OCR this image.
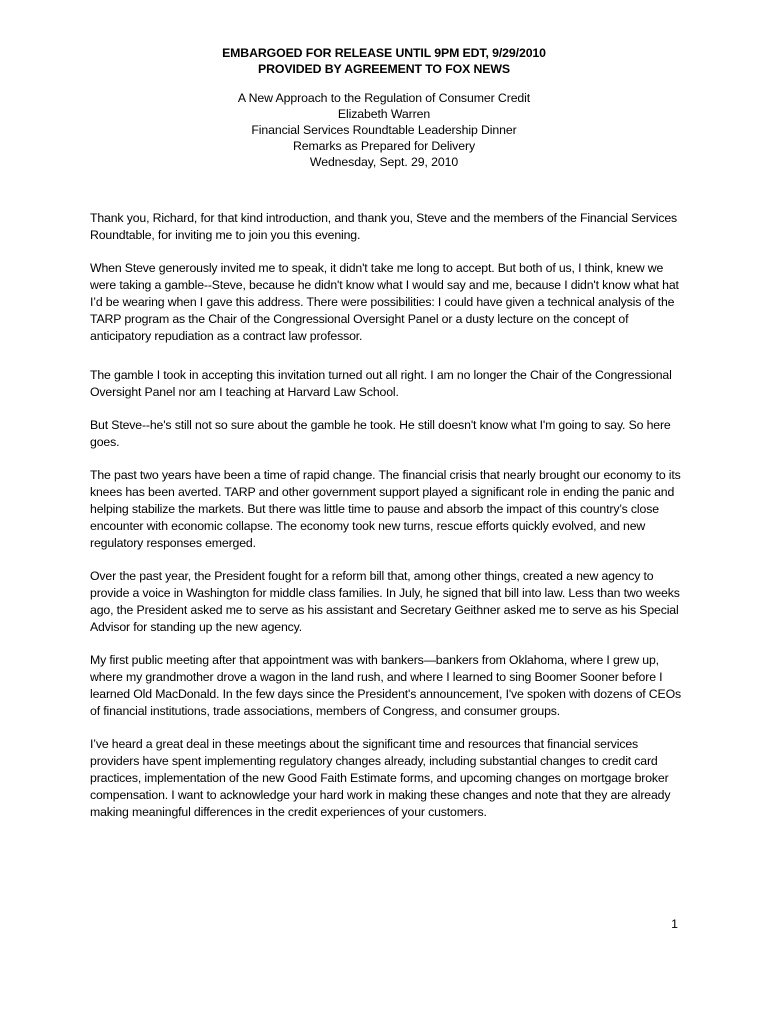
EMBARGOED FOR RELEASE UNTIL 9PM EDT, 9/29/2010
PROVIDED BY AGREEMENT TO FOX NEWS
A New Approach to the Regulation of Consumer Credit
Elizabeth Warren
Financial Services Roundtable Leadership Dinner
Remarks as Prepared for Delivery
Wednesday, Sept. 29, 2010

Thank you, Richard, for that kind introduction, and thank you, Steve and the members of the Financial Services Roundtable, for inviting me to join you this evening.

When Steve generously invited me to speak, it didn't take me long to accept. But both of us, I think, knew we were taking a gamble--Steve, because he didn't know what I would say and me, because I didn't know what hat I’d be wearing when I gave this address. There were possibilities: I could have given a technical analysis of the TARP program as the Chair of the Congressional Oversight Panel or a dusty lecture on the concept of anticipatory repudiation as a contract law professor.

The gamble I took in accepting this invitation turned out all right. I am no longer the Chair of the Congressional Oversight Panel nor am I teaching at Harvard Law School.

But Steve--he's still not so sure about the gamble he took. He still doesn't know what I'm going to say. So here goes.

The past two years have been a time of rapid change. The financial crisis that nearly brought our economy to its knees has been averted. TARP and other government support played a significant role in ending the panic and helping stabilize the markets. But there was little time to pause and absorb the impact of this country’s close encounter with economic collapse. The economy took new turns, rescue efforts quickly evolved, and new regulatory responses emerged.

Over the past year, the President fought for a reform bill that, among other things, created a new agency to provide a voice in Washington for middle class families. In July, he signed that bill into law. Less than two weeks ago, the President asked me to serve as his assistant and Secretary Geithner asked me to serve as his Special Advisor for standing up the new agency.

My first public meeting after that appointment was with bankers—bankers from Oklahoma, where I grew up, where my grandmother drove a wagon in the land rush, and where I learned to sing Boomer Sooner before I learned Old MacDonald. In the few days since the President's announcement, I've spoken with dozens of CEOs of financial institutions, trade associations, members of Congress, and consumer groups.

I’ve heard a great deal in these meetings about the significant time and resources that financial services providers have spent implementing regulatory changes already, including substantial changes to credit card practices, implementation of the new Good Faith Estimate forms, and upcoming changes on mortgage broker compensation. I want to acknowledge your hard work in making these changes and note that they are already making meaningful differences in the credit experiences of your customers.

1
